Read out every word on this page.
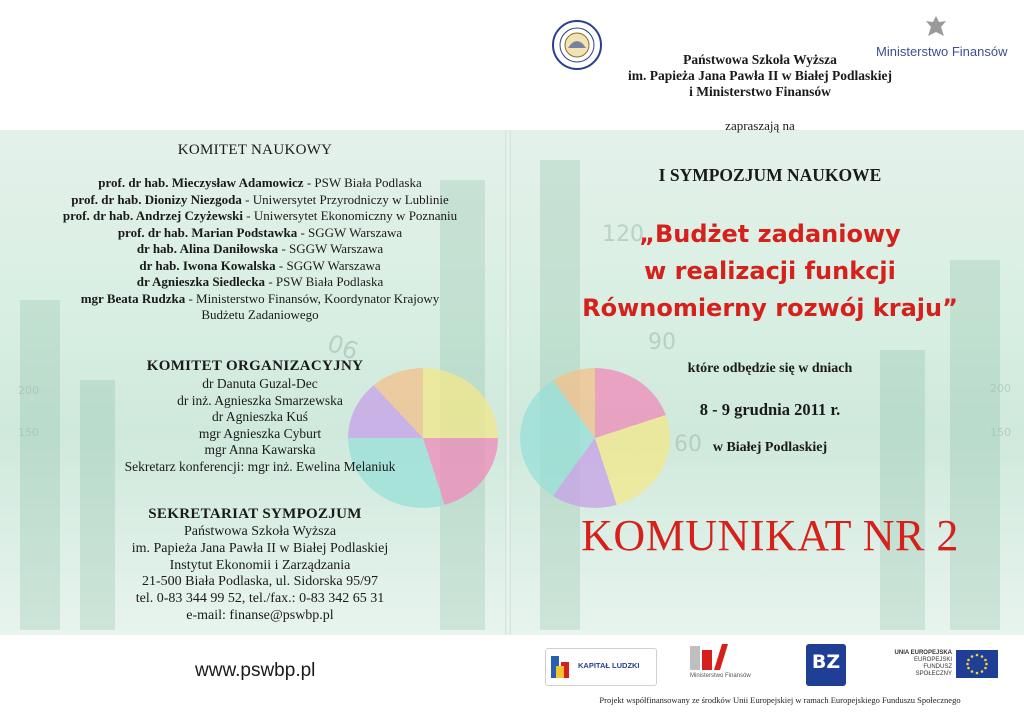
90
120
90
60
200
150
200
150
Ministerstwo Finansów
Państwowa Szkoła Wyższa
im. Papieża Jana Pawła II w Białej Podlaskiej
i Ministerstwo Finansów
zapraszają na
I SYMPOZJUM NAUKOWE
„Budżet zadaniowy
w realizacji funkcji
Równomierny rozwój kraju”
które odbędzie się w dniach
8 - 9 grudnia 2011 r.
w Białej Podlaskiej
KOMUNIKAT NR 2
KOMITET NAUKOWY
prof. dr hab. Mieczysław Adamowicz - PSW Biała Podlaska
prof. dr hab. Dionizy Niezgoda - Uniwersytet Przyrodniczy w Lublinie
prof. dr hab. Andrzej Czyżewski - Uniwersytet Ekonomiczny w Poznaniu
prof. dr hab. Marian Podstawka - SGGW Warszawa
dr hab. Alina Daniłowska - SGGW Warszawa
dr hab. Iwona Kowalska - SGGW Warszawa
dr Agnieszka Siedlecka - PSW Biała Podlaska
mgr Beata Rudzka - Ministerstwo Finansów, Koordynator Krajowy
Budżetu Zadaniowego
KOMITET ORGANIZACYJNY
dr Danuta Guzal-Dec
dr inż. Agnieszka Smarzewska
dr Agnieszka Kuś
mgr Agnieszka Cyburt
mgr Anna Kawarska
Sekretarz konferencji: mgr inż. Ewelina Melaniuk
SEKRETARIAT SYMPOZJUM
Państwowa Szkoła Wyższa
im. Papieża Jana Pawła II w Białej Podlaskiej
Instytut Ekonomii i Zarządzania
21-500 Biała Podlaska, ul. Sidorska 95/97
tel. 0-83 344 99 52, tel./fax.: 0-83 342 65 31
e-mail: finanse@pswbp.pl
www.pswbp.pl	KAPITAŁ LUDZKI
Ministerstwo Finansów
BZ	UNIA EUROPEJSKA
EUROPEJSKI
FUNDUSZ SPOŁECZNY
Projekt współfinansowany ze środków Unii Europejskiej w ramach Europejskiego Funduszu Społecznego
